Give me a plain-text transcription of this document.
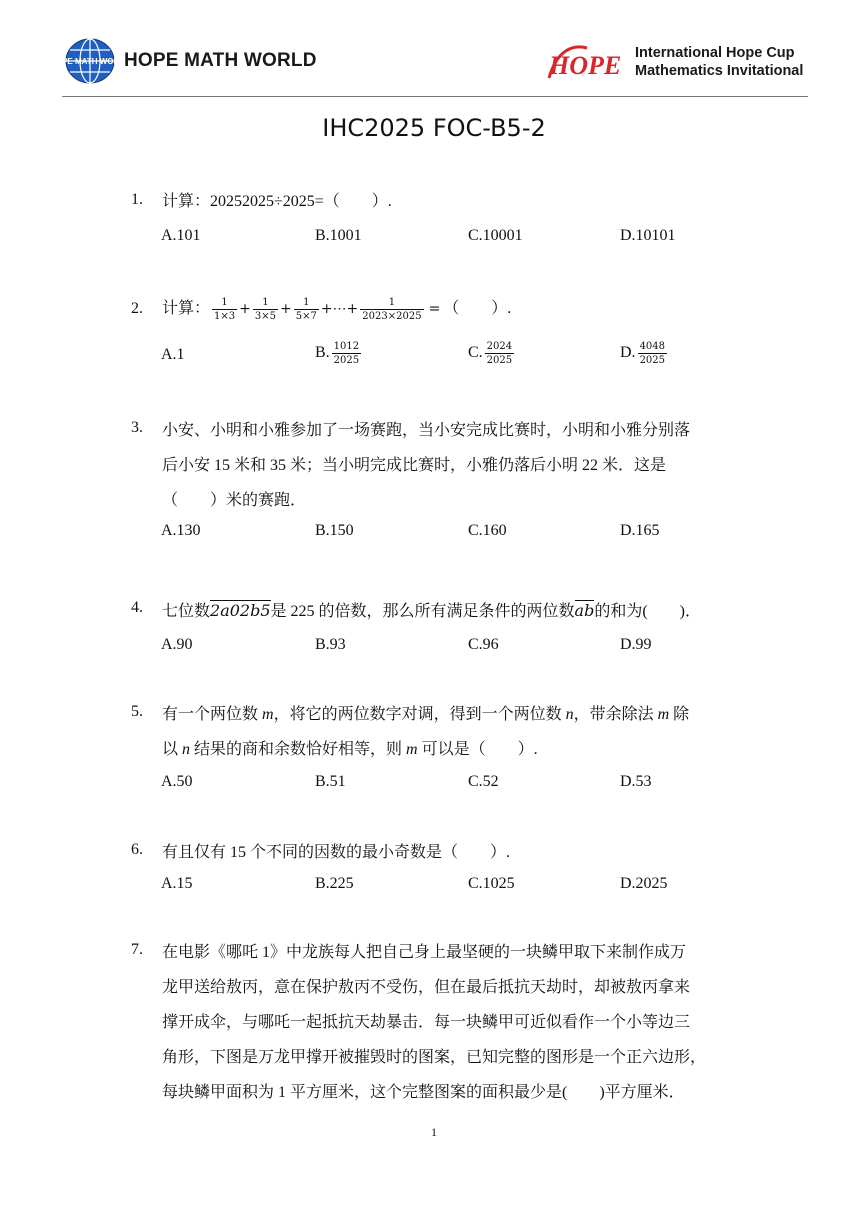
HOPE MATH WORLD
HOPE MATH WORLD	HOPE International Hope Cup
Mathematics Invitational
IHC2025 FOC-B5-2
1.	计算：20252025÷2025=（　　）.
A.101	B.1001	C.10001	D.10101
2.	计算： $\frac{1}{1\times 3} + \frac{1}{3\times 5} + \frac{1}{5\times 7}$ +⋯+ $\frac{1}{2023\times 2025}$ = （　　）.
A.1	B. $\frac{1012}{2025}$	C. $\frac{2024}{2025}$	D. $\frac{4048}{2025}$
3.	小安、小明和小雅参加了一场赛跑，当小安完成比赛时，小明和小雅分别落
后小安 15 米和 35 米；当小明完成比赛时，小雅仍落后小明 22 米．这是
（　　）米的赛跑．
A.130	B.150	C.160	D.165
4.	七位数2a02b5是 225 的倍数，那么所有满足条件的两位数ab的和为(　　)．
A.90	B.93	C.96	D.99
5.	有一个两位数 m，将它的两位数字对调，得到一个两位数 n，带余除法 m 除
以 n 结果的商和余数恰好相等，则 m 可以是（　　）.
A.50	B.51	C.52	D.53
6.	有且仅有 15 个不同的因数的最小奇数是（　　）.
A.15	B.225	C.1025	D.2025
7.	在电影《哪吒 1》中龙族每人把自己身上最坚硬的一块鳞甲取下来制作成万
龙甲送给敖丙，意在保护敖丙不受伤，但在最后抵抗天劫时，却被敖丙拿来
撑开成伞，与哪吒一起抵抗天劫暴击．每一块鳞甲可近似看作一个小等边三
角形，下图是万龙甲撑开被摧毁时的图案，已知完整的图形是一个正六边形，
每块鳞甲面积为 1 平方厘米，这个完整图案的面积最少是(　　)平方厘米．
1
